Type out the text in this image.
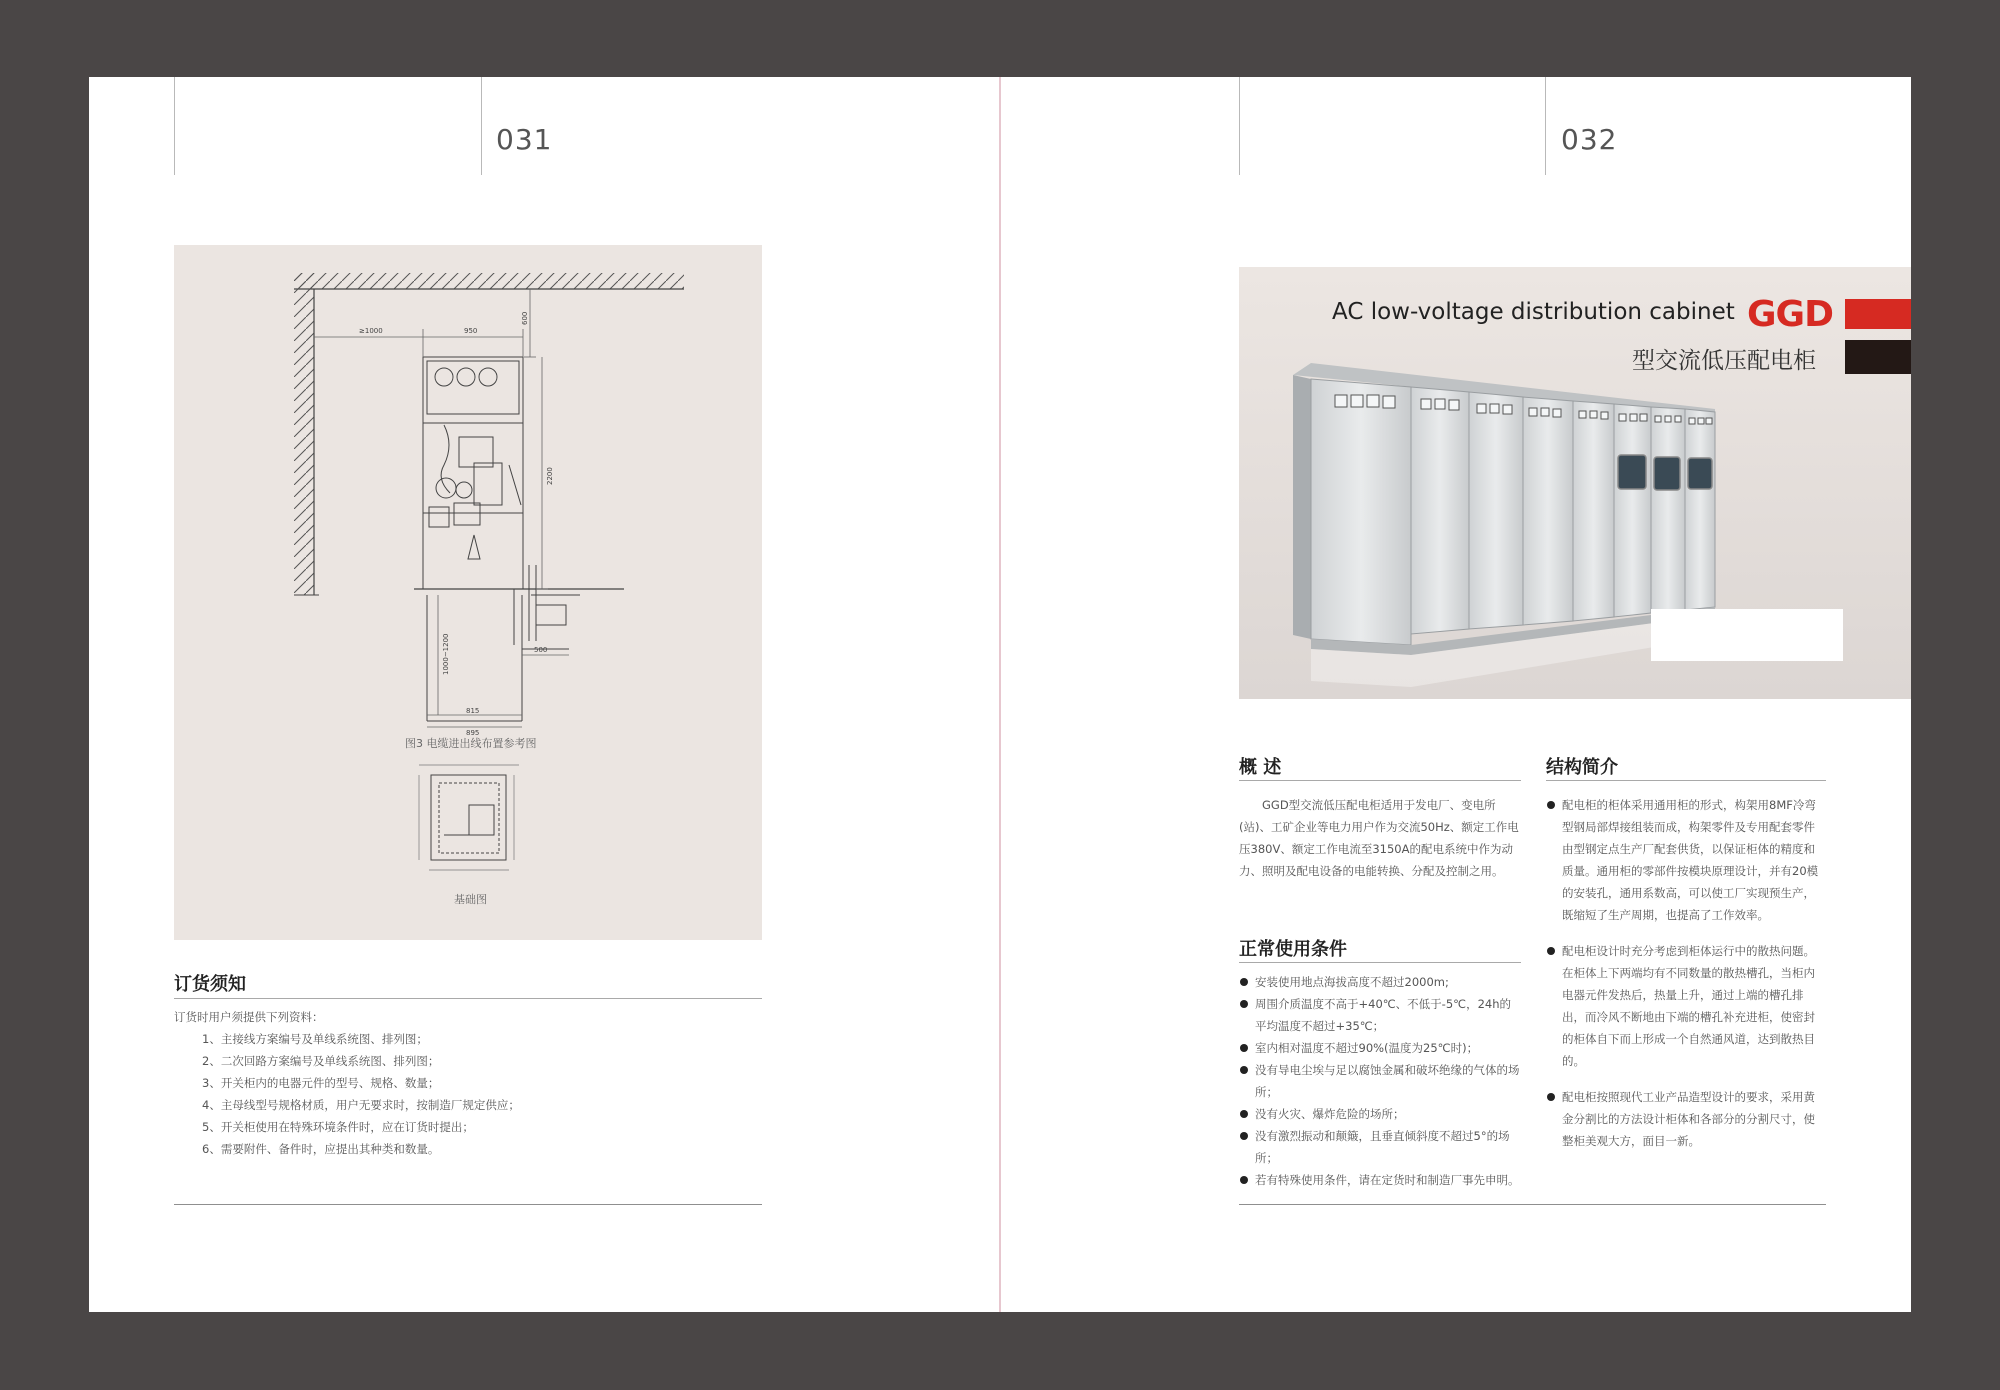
031
≥1000	950
600
2200
1000~1200	500
815
895
图3 电缆进出线布置参考图
基础图
订货须知

订货时用户须提供下列资料：

1、主接线方案编号及单线系统图、排列图；
2、二次回路方案编号及单线系统图、排列图；
3、开关柜内的电器元件的型号、规格、数量；
4、主母线型号规格材质，用户无要求时，按制造厂规定供应；
5、开关柜使用在特殊环境条件时，应在订货时提出；
6、需要附件、备件时，应提出其种类和数量。
032
AC low-voltage distribution cabinet GGD
型交流低压配电柜
概 述

GGD型交流低压配电柜适用于发电厂、变电所(站)、工矿企业等电力用户作为交流50Hz、额定工作电压380V、额定工作电流至3150A的配电系统中作为动力、照明及配电设备的电能转换、分配及控制之用。

正常使用条件
安装使用地点海拔高度不超过2000m;
周围介质温度不高于+40℃、不低于-5℃，24h的平均温度不超过+35℃；
室内相对温度不超过90%(温度为25℃时)；
没有导电尘埃与足以腐蚀金属和破坏绝缘的气体的场所；
没有火灾、爆炸危险的场所；
没有激烈振动和颠簸，且垂直倾斜度不超过5°的场所；
若有特殊使用条件，请在定货时和制造厂事先申明。
结构简介
配电柜的柜体采用通用柜的形式，构架用8MF冷弯型钢局部焊接组装而成，构架零件及专用配套零件由型钢定点生产厂配套供货，以保证柜体的精度和质量。通用柜的零部件按模块原理设计，并有20模的安装孔，通用系数高，可以使工厂实现预生产，既缩短了生产周期，也提高了工作效率。
配电柜设计时充分考虑到柜体运行中的散热问题。在柜体上下两端均有不同数量的散热槽孔，当柜内电器元件发热后，热量上升，通过上端的槽孔排出，而冷风不断地由下端的槽孔补充进柜，使密封的柜体自下而上形成一个自然通风道，达到散热目的。
配电柜按照现代工业产品造型设计的要求，采用黄金分割比的方法设计柜体和各部分的分割尺寸，使整柜美观大方，面目一新。
